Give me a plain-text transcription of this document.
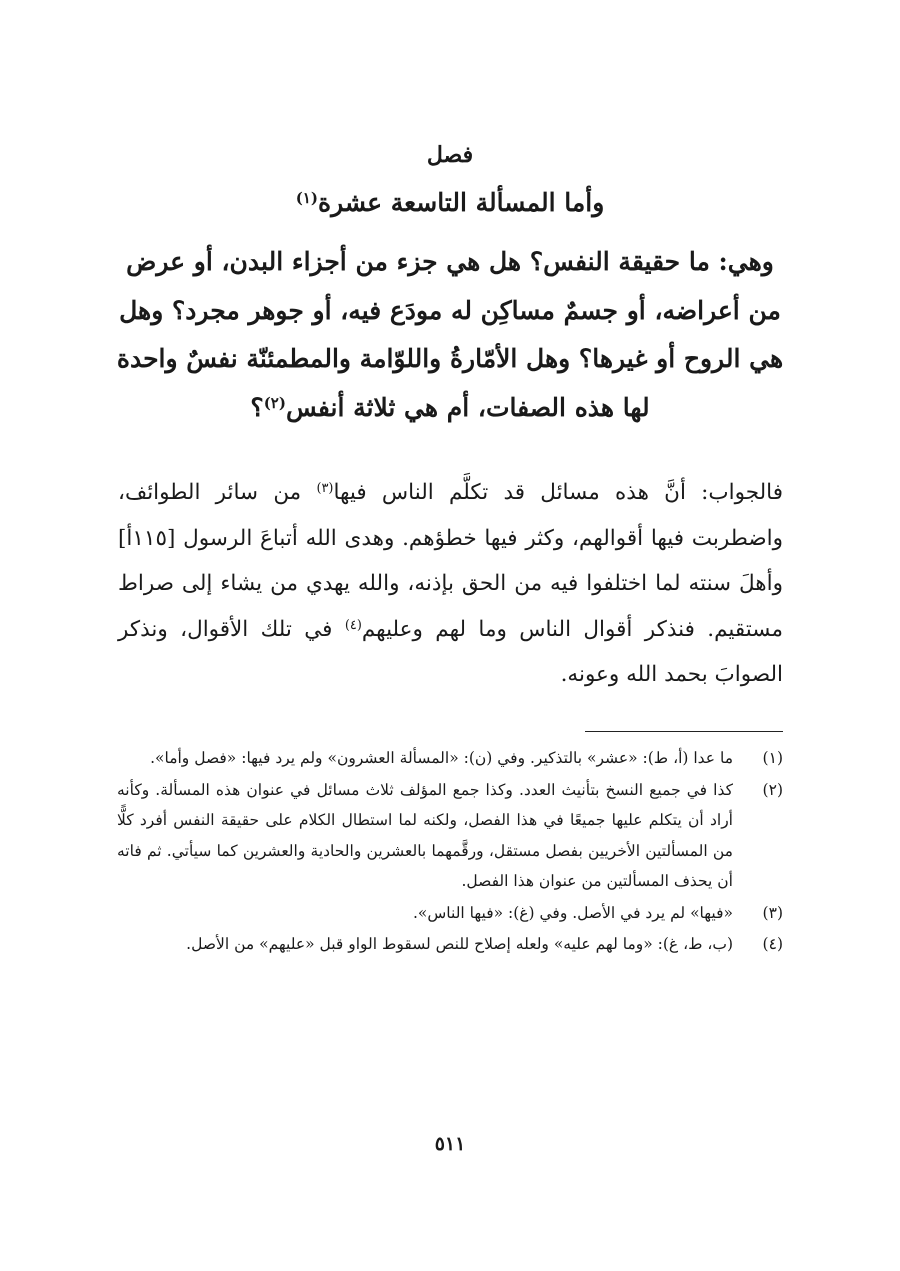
فصل
وأما المسألة التاسعة عشرة$^{(١)}$
وهي: ما حقيقة النفس؟ هل هي جزء من أجزاء البدن، أو عرض من أعراضه، أو جسمٌ مساكِن له مودَع فيه، أو جوهر مجرد؟ وهل هي الروح أو غيرها؟ وهل الأمّارةُ واللوّامة والمطمئنّة نفسٌ واحدة لها هذه الصفات، أم هي ثلاثة أنفس$^{(٢)}$؟
فالجواب: أنَّ هذه مسائل قد تكلَّم الناس فيها$^{(٣)}$ من سائر الطوائف، واضطربت فيها أقوالهم، وكثر فيها خطؤهم. وهدى الله أتباعَ الرسول [١١٥أ] وأهلَ سنته لما اختلفوا فيه من الحق بإذنه، والله يهدي من يشاء إلى صراط مستقيم. فنذكر أقوال الناس وما لهم وعليهم$^{(٤)}$ في تلك الأقوال، ونذكر الصوابَ بحمد الله وعونه.
(١)
ما عدا (أ، ط): «عشر» بالتذكير. وفي (ن): «المسألة العشرون» ولم يرد فيها: «فصل وأما».
(٢)
كذا في جميع النسخ بتأنيث العدد. وكذا جمع المؤلف ثلاث مسائل في عنوان هذه المسألة. وكأنه أراد أن يتكلم عليها جميعًا في هذا الفصل، ولكنه لما استطال الكلام على حقيقة النفس أفرد كلًّا من المسألتين الأخريين بفصل مستقل، ورقَّمهما بالعشرين والحادية والعشرين كما سيأتي. ثم فاته أن يحذف المسألتين من عنوان هذا الفصل.
(٣)
«فيها» لم يرد في الأصل. وفي (غ): «فيها الناس».
(٤)
(ب، ط، غ): «وما لهم عليه» ولعله إصلاح للنص لسقوط الواو قبل «عليهم» من الأصل.
٥١١
